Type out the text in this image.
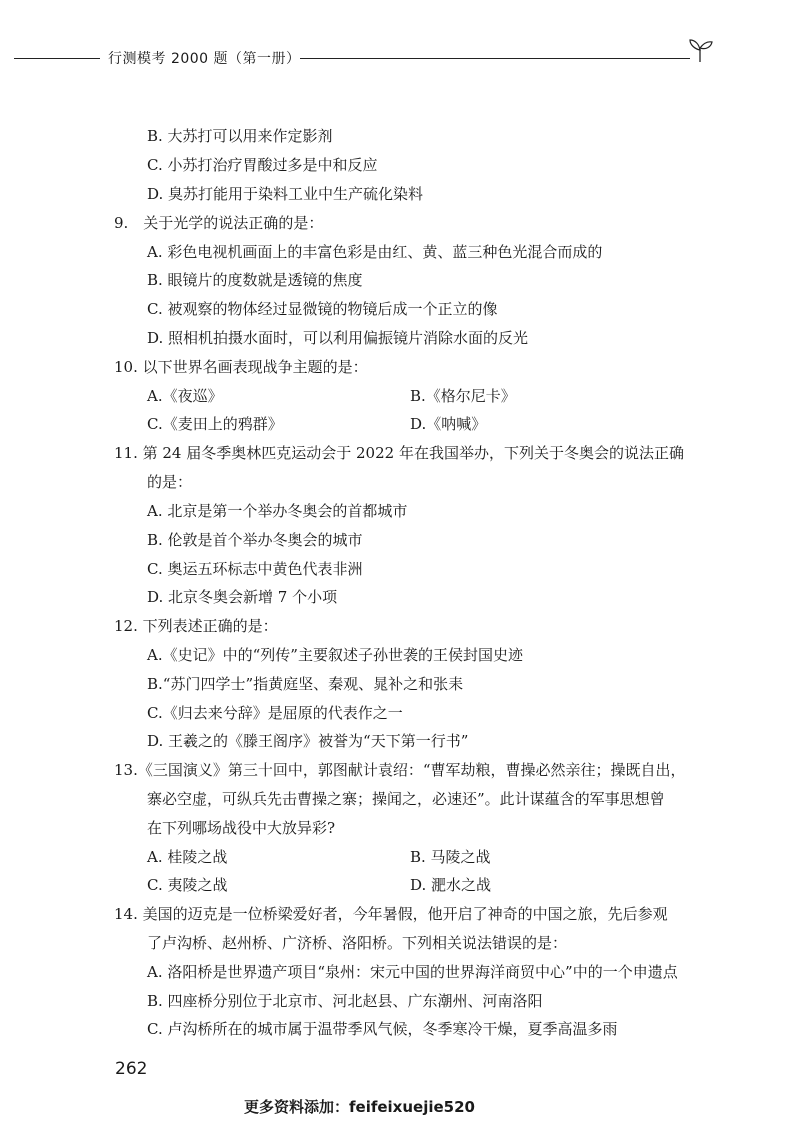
行测模考 2000 题（第一册）
B. 大苏打可以用来作定影剂
C. 小苏打治疗胃酸过多是中和反应
D. 臭苏打能用于染料工业中生产硫化染料
9.　关于光学的说法正确的是：
A. 彩色电视机画面上的丰富色彩是由红、黄、蓝三种色光混合而成的
B. 眼镜片的度数就是透镜的焦度
C. 被观察的物体经过显微镜的物镜后成一个正立的像
D. 照相机拍摄水面时，可以利用偏振镜片消除水面的反光
10. 以下世界名画表现战争主题的是：
A.《夜巡》	B.《格尔尼卡》
C.《麦田上的鸦群》	D.《呐喊》
11. 第 24 届冬季奥林匹克运动会于 2022 年在我国举办，下列关于冬奥会的说法正确
的是：
A. 北京是第一个举办冬奥会的首都城市
B. 伦敦是首个举办冬奥会的城市
C. 奥运五环标志中黄色代表非洲
D. 北京冬奥会新增 7 个小项
12. 下列表述正确的是：
A.《史记》中的“列传”主要叙述子孙世袭的王侯封国史迹
B.“苏门四学士”指黄庭坚、秦观、晁补之和张耒
C.《归去来兮辞》是屈原的代表作之一
D. 王羲之的《滕王阁序》被誉为“天下第一行书”
13.《三国演义》第三十回中，郭图献计袁绍：“曹军劫粮，曹操必然亲往；操既自出，
寨必空虚，可纵兵先击曹操之寨；操闻之，必速还”。此计谋蕴含的军事思想曾
在下列哪场战役中大放异彩?
A. 桂陵之战	B. 马陵之战
C. 夷陵之战	D. 淝水之战
14. 美国的迈克是一位桥梁爱好者，今年暑假，他开启了神奇的中国之旅，先后参观
了卢沟桥、赵州桥、广济桥、洛阳桥。下列相关说法错误的是：
A. 洛阳桥是世界遗产项目“泉州：宋元中国的世界海洋商贸中心”中的一个申遗点
B. 四座桥分别位于北京市、河北赵县、广东潮州、河南洛阳
C. 卢沟桥所在的城市属于温带季风气候，冬季寒冷干燥，夏季高温多雨
262
更多资料添加：feifeixuejie520
